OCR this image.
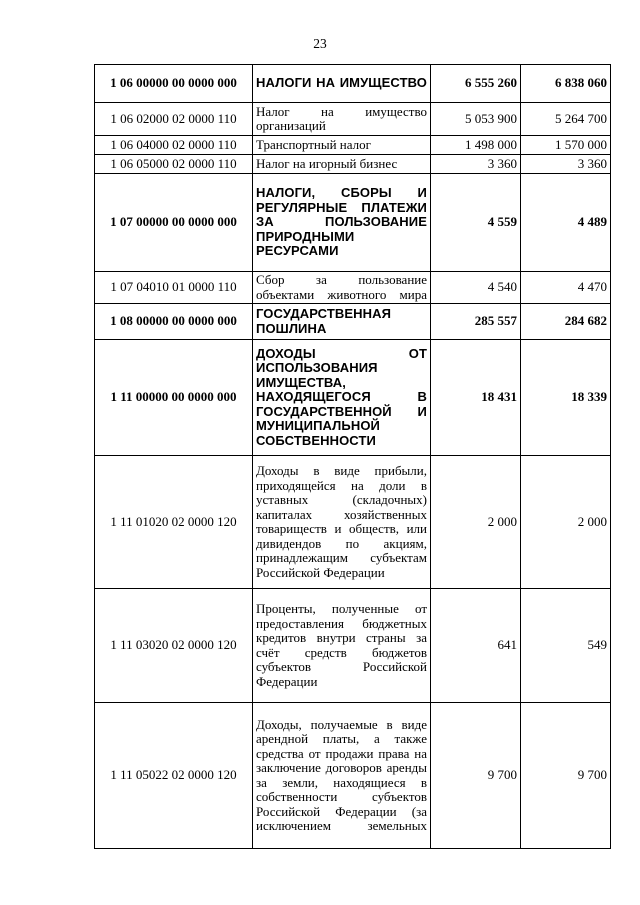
23
1 06 00000 00 0000 000	НАЛОГИ НА ИМУЩЕСТВО	6 555 260	6 838 060
1 06 02000 02 0000 110	Налог на имущество организаций	5 053 900	5 264 700
1 06 04000 02 0000 110	Транспортный налог	1 498 000	1 570 000
1 06 05000 02 0000 110	Налог на игорный бизнес	3 360	3 360
1 07 00000 00 0000 000	НАЛОГИ, СБОРЫ И РЕГУЛЯРНЫЕ ПЛАТЕЖИ ЗА ПОЛЬЗОВАНИЕ ПРИРОДНЫМИ РЕСУРСАМИ	4 559	4 489
1 07 04010 01 0000 110	Сбор за пользование объектами животного мира	4 540	4 470
1 08 00000 00 0000 000	ГОСУДАРСТВЕННАЯ ПОШЛИНА	285 557	284 682
1 11 00000 00 0000 000	ДОХОДЫ ОТ ИСПОЛЬЗОВАНИЯ ИМУЩЕСТВА, НАХОДЯЩЕГОСЯ В ГОСУДАРСТВЕННОЙ И МУНИЦИПАЛЬНОЙ СОБСТВЕННОСТИ	18 431	18 339
1 11 01020 02 0000 120	Доходы в виде прибыли, приходящейся на доли в уставных (складочных) капиталах хозяйственных товариществ и обществ, или дивидендов по акциям, принадлежащим субъектам Российской Федерации	2 000	2 000
1 11 03020 02 0000 120	Проценты, полученные от предоставления бюджетных кредитов внутри страны за счёт средств бюджетов субъектов Российской Федерации	641	549
1 11 05022 02 0000 120	Доходы, получаемые в виде арендной платы, а также средства от продажи права на заключение договоров аренды за земли, находящиеся в собственности субъектов Российской Федерации (за исключением земельных	9 700	9 700
